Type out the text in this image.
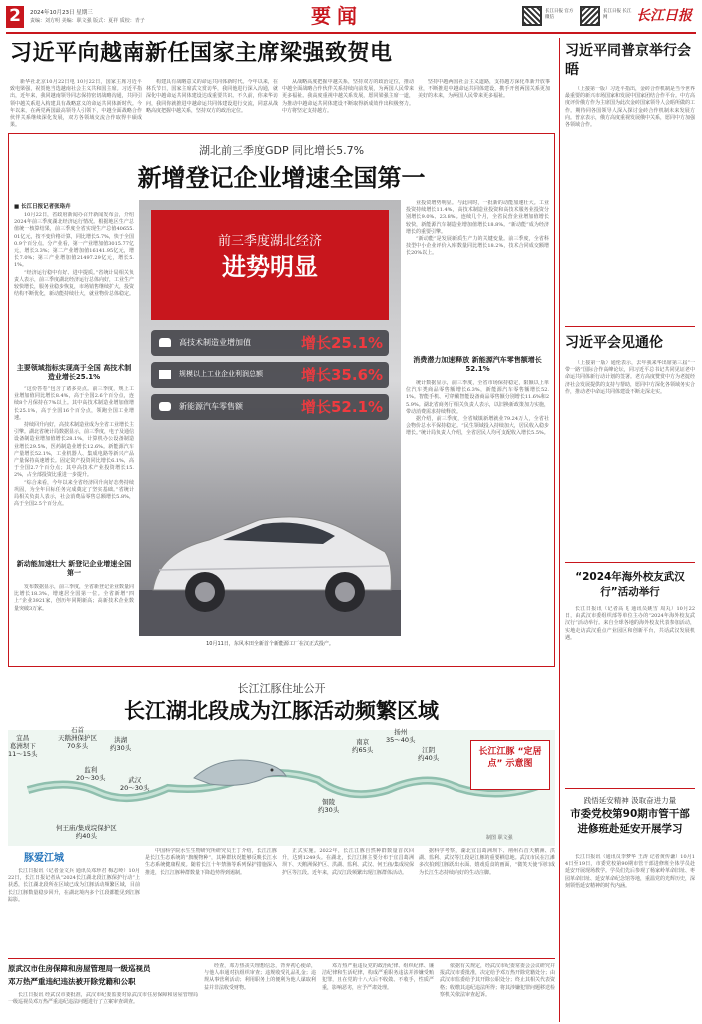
2	2024年10月23日 星期三
责编：刘方明 美编：职文强 版式：夏祥 质校：青子	要闻	长江日报 官方微信
长江日报 长江网	长江日报
习近平向越南新任国家主席梁强致贺电

新华社北京10月22日电 10月22日，国家主席习近平致电梁强，祝贺他当选越南社会主义共和国主席。习近平指出，近年来，我同越南领导同志保持密切战略沟通，共同引领中越关系进入构建具有战略意义的命运共同体新时代。今年以来，在两党两国最高领导人引领下，中越全面战略合作伙伴关系继续深化发展，双方各领域交流合作取得丰硕成果。

构建具有战略意义的命运共同体新时代。今年以来，在林氏节日，国家主席武文赏访华，我同他进行深入沟通，就深化中越命运共同体建设达成重要共识。不久前，你来华访问，我同你就推进中越命运共同体建设进行交流，同意从战略高度把握中越关系，坚持双方的政治定位。

从战略高度把握中越关系，坚持双方的政治定位，推动中越全面战略合作伙伴关系持续向前发展，为两国人民带来更多福祉。我高度重视中越关系发展，愿同梁强主席一道，为推动中越命运共同体建设不断取得新成效作出积极努力。中方将坚定支持越方。

坚持中越两国社会主义道路，支持越方深化革新开放事业，不断推进中越命运共同体建设，携手开创两国关系更加美好的未来，为两国人民带来更多福祉。

湖北前三季度GDP 同比增长5.7%
新增登记企业增速全国第一
■ 长江日报记者张珞卉

10月22日，省政府新闻办召开新闻发布会，介绍2024年前三季度湖北经济运行情况。根据地区生产总值统一核算结果，前三季度全省实现生产总值40655.01亿元，按不变价格计算，同比增长5.7%，快于全国0.9个百分点。分产业看，第一产业增加值3015.77亿元，增长3.3%；第二产业增加值16141.95亿元，增长7.0%；第三产业增加值21497.29亿元，增长5.1%。

“经济运行稳中有好、进中提质。”省统计局相关负责人表示，前三季度湖北经济运行总体向好，工业生产较快增长，服务业稳步恢复，市场销售继续扩大，投资结构不断优化，新动能持续壮大，就业物价总体稳定。

主要领域指标实现高于全国 高技术制造业增长25.1%

“这份答卷”包含了诸多亮点。前三季度，规上工业增加值同比增长8.4%，高于全国2.6个百分点，连续8个月保持在7%以上。其中高技术制造业增加值增长25.1%，高于全国16个百分点，领跑全国工业增速。

持续回升向好，高技术制造业成为全省工业增长主引擎。湖北省统计局数据显示，前三季度，电子及通信设备制造业增加值增长28.1%，计算机办公设备制造业增长29.5%，医药制造业增长12.6%。新能源汽车产量增长52.1%，工业机器人、集成电路等新兴产品产量保持高速增长。固定资产投资同比增长6.1%，高于全国2.7个百分点；其中高技术产业投资增长15.2%，占全部投资比重进一步提升。

“综合来看，今年以来全省经济回升向好态势持续巩固，为全年目标任务完成奠定了坚实基础。”省统计局相关负责人表示，社会消费品零售总额增长5.8%，高于全国2.5个百分点。

新动能加速壮大 新登记企业增速全国第一

发布数据显示，前三季度，全省新登记企业数量同比增长18.3%，增速居全国第一位。全省新增“四上”企业3921家，创历年同期新高；高新技术企业数量突破3万家。

前三季度湖北经济
进势明显
高技术制造业增加值	增长25.1%
规模以上工业企业利润总额	增长35.6%
新能源汽车零售额	增长52.1%
10月11日，东风本田全新首个新能源工厂在汉正式投产。

业投资增势明显。与此同时，一批新的动能加速壮大。工业投资持续增长11.4%，高技术制造业投资和高技术服务业投资分别增长9.0%、23.8%。连续几个月，全省民营企业增加值增长较快，新能源汽车制造业增加值增长18.8%。“新动能”成为经济增长的重要引擎。

“新动能”是发展新质生产力的关键变量。前三季度，全省科技型中小企业评价入库数量同比增长18.2%，技术合同成交额增长20%以上。

消费潜力加速释放 新能源汽车零售额增长52.1%

统计数据显示，前三季度，全省市场保持稳定，限额以上单位汽车类商品零售额增长6.3%，新能源汽车零售额增长52.1%。智能手机、可穿戴智能设备商品零售额分别增长11.6%和25.9%。湖北省商务厅相关负责人表示，以旧换新政策加力实施，带动消费需求持续释放。

据介绍，前三季度，全省城镇新增就业79.24万人，全省社会物价总水平保持稳定。“民生领域投入持续加大，居民收入稳步增长。”统计局负责人介绍，全省居民人均可支配收入增长5.5%。

长江江豚住址公开
长江湖北段成为江豚活动频繁区域
长江江豚 “定居点” 示意图
宜昌
葛洲坝下
11～15头
石首
天鹅洲保护区
70多头
洪湖
约30头
监利
20～30头	武汉
20～30头
何王庙/集成垸保护区
约40头
铜陵
约30头
南京
约65头
扬州
35～40头
江阴
约40头
制图 职文强
豚爱江城

长江日报讯（记者金文兵 通讯员邓珍君 梅志岭）10月22日，长江日报记者从“2024长江湖北段江豚保护行动”上获悉，长江湖北段所在区域已成为江豚活动频繁区域，目前长江江豚数量稳步回升，在湖北境内多个江段都能见到江豚踪影。

中国科学院水生生物研究所研究员王丁介绍，长江江豚是长江生态系统的“旗舰物种”，其种群状况能够反映长江水生态系统健康程度。随着长江十年禁渔等系列保护措施深入推进，长江江豚种群数量下降趋势得到遏制。

正式实施。2022年，长江江豚自然种群数量首次回升，达到1249头。在湖北，长江江豚主要分布于宜昌葛洲坝下、天鹅洲保护区、洪湖、监利、武汉、何王庙/集成垸保护区等江段。近年来，武汉江段频繁出现江豚群体活动。

据科学考察，湖北宜昌葛洲坝下、荆州石首天鹅洲、洪湖、监利、武汉等江段是江豚的重要栖息地。武汉市民在江滩多次拍到江豚跃出水面、嬉戏觅食的画面，“微笑天使”回归成为长江生态持续向好的生动注脚。

原武汉市住房保障和房屋管理局一级巡视员
邓万热严重违纪违法被开除党籍和公职

长江日报讯 经武汉市委批准，武汉市纪委监委对原武汉市住房保障和房屋管理局一级巡视员邓万热严重违纪违法问题进行了立案审查调查。

经查，邓万热丧失理想信念，背弃初心使命，与他人串通对抗组织审查；违规收受礼品礼金；违规从事营利活动；利用职务上的便利为他人谋取利益并非法收受财物。

邓万热严重违反党的政治纪律、组织纪律、廉洁纪律和生活纪律，构成严重职务违法并涉嫌受贿犯罪，且在党的十八大后不收敛、不收手，性质严重，影响恶劣，应予严肃处理。

依据有关规定，经武汉市纪委常委会会议研究并报武汉市委批准，决定给予邓万热开除党籍处分；由武汉市监委给予其开除公职处分；终止其相关代表资格；收缴其违纪违法所得；将其涉嫌犯罪问题移送检察机关依法审查起诉。

习近平同普京举行会晤

（上接第一版）习近平指出，金砖合作机制是当今世界最重要的新兴市场国家和发展中国家团结合作平台。中方高度评价俄方作为主席国为此次金砖国家领导人会晤所做的工作。期待同各国领导人深入探讨金砖合作机制未来发展方向。普京表示，俄方高度重视发展俄中关系，愿同中方加强各领域合作。

习近平会见通伦

（上接第一版）通伦表示，去年我来华出席第三届“一带一路”国际合作高峰论坛，同习近平总书记共同见证老中命运共同体新行动计划的签署。老方高度赞赏中方为老挝经济社会发展提供的支持与帮助，愿同中方深化各领域务实合作，推动老中命运共同体建设不断走深走实。

“2024年海外校友武汉行”活动举行

长江日报讯（记者高飞 通讯员姚雪 周丸）10月22日，由武汉市委组织部等单位主办的“2024年海外校友武汉行”活动举行。来自全球各地的海外校友代表参加活动，实地走访武汉重点产业园区和创新平台，共话武汉发展机遇。

践悟延安精神 汲取奋进力量
市委党校第90期市管干部进修班赴延安开展学习

长江日报讯（通讯员李梦华 王涛 记者黄传谦）10月14日至19日，市委党校第90期市管干部进修班全体学员赴延安开展现场教学。学员们先后参观了杨家岭革命旧址、枣园革命旧址、延安革命纪念馆等地，重温党的光辉历史，深刻领悟延安精神的时代内涵。
